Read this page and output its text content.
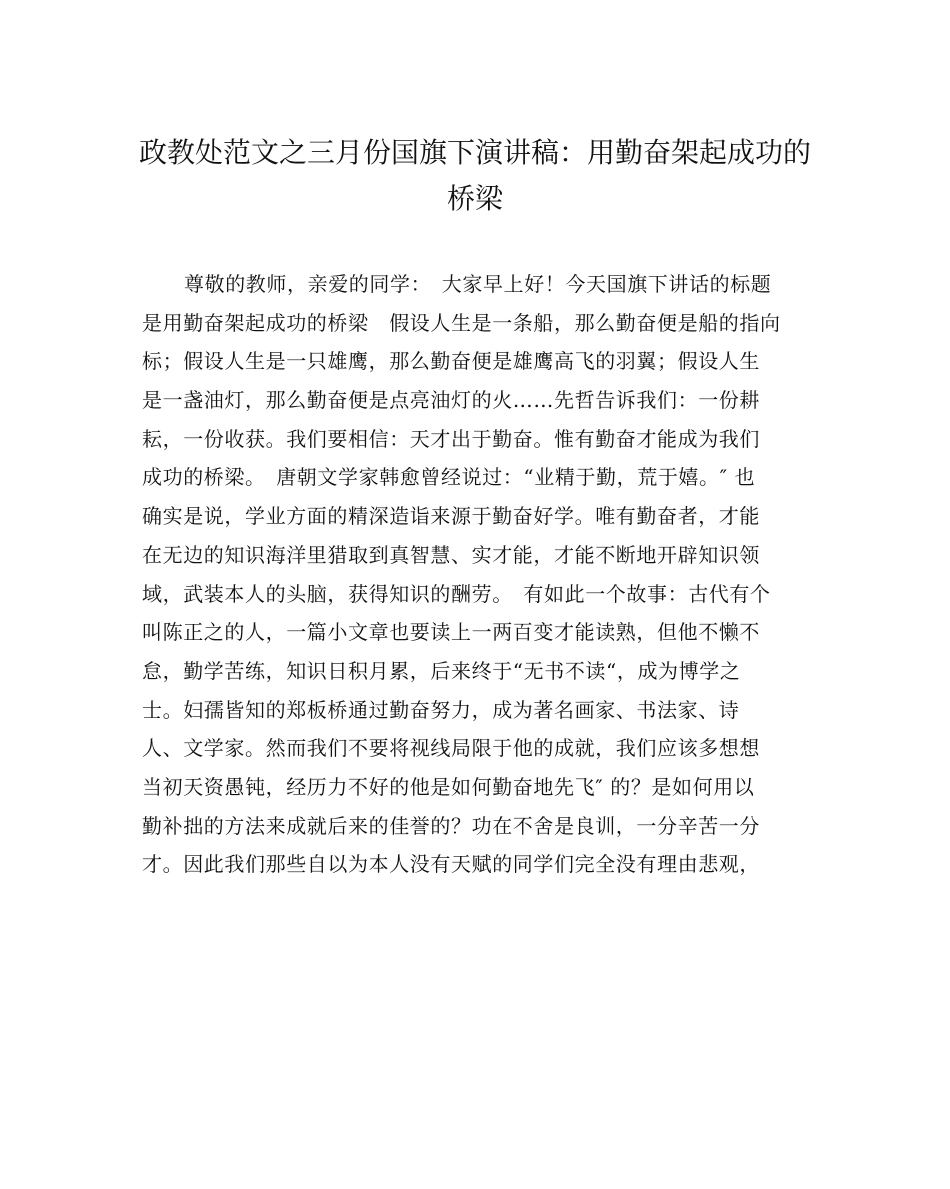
政教处范文之三月份国旗下演讲稿：用勤奋架起成功的
桥梁
尊敬的教师，亲爱的同学：　大家早上好！今天国旗下讲话的标题
是用勤奋架起成功的桥梁　假设人生是一条船，那么勤奋便是船的指向
标；假设人生是一只雄鹰，那么勤奋便是雄鹰高飞的羽翼；假设人生
是一盏油灯，那么勤奋便是点亮油灯的火……先哲告诉我们：一份耕
耘，一份收获。我们要相信：天才出于勤奋。惟有勤奋才能成为我们
成功的桥梁。　唐朝文学家韩愈曾经说过：“业精于勤，荒于嬉。″ 也
确实是说，学业方面的精深造诣来源于勤奋好学。唯有勤奋者，才能
在无边的知识海洋里猎取到真智慧、实才能，才能不断地开辟知识领
域，武装本人的头脑，获得知识的酬劳。　有如此一个故事：古代有个
叫陈正之的人，一篇小文章也要读上一两百变才能读熟，但他不懒不
怠，勤学苦练，知识日积月累，后来终于“无书不读“，成为博学之
士。妇孺皆知的郑板桥通过勤奋努力，成为著名画家、书法家、诗
人、文学家。然而我们不要将视线局限于他的成就，我们应该多想想
当初天资愚钝，经历力不好的他是如何勤奋地先飞″ 的？是如何用以
勤补拙的方法来成就后来的佳誉的？功在不舍是良训，一分辛苦一分
才。因此我们那些自以为本人没有天赋的同学们完全没有理由悲观，
